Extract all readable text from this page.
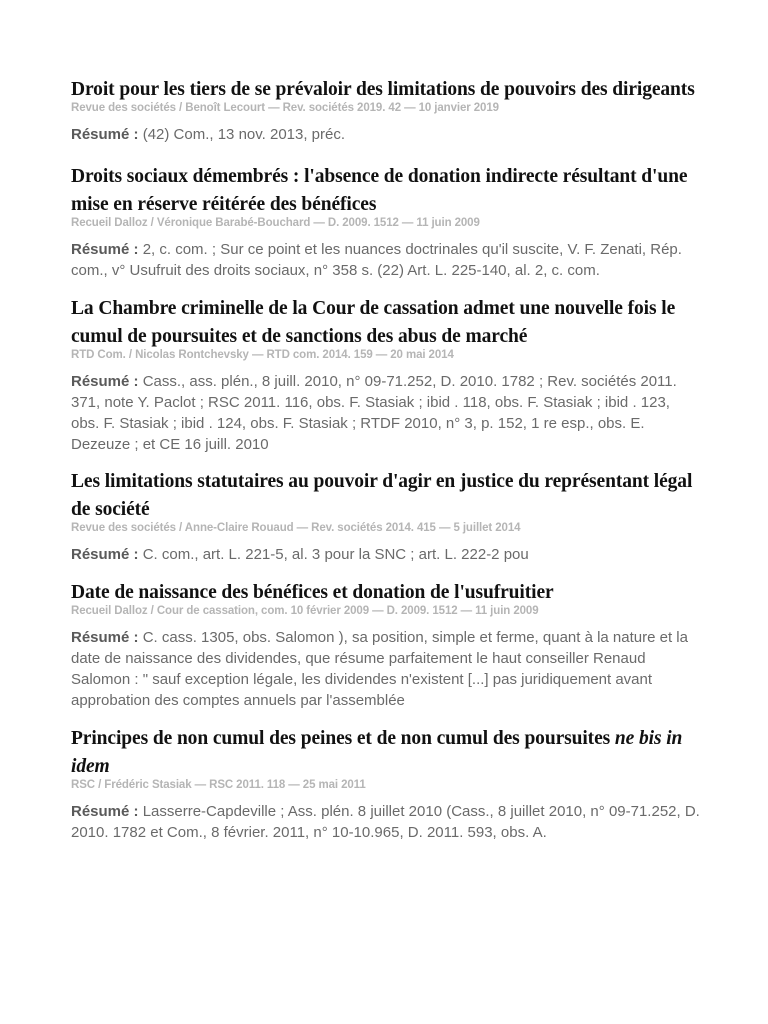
Droit pour les tiers de se prévaloir des limitations de pouvoirs des dirigeants
Revue des sociétés / Benoît Lecourt — Rev. sociétés 2019. 42 — 10 janvier 2019

Résumé : (42) Com., 13 nov. 2013, préc.

Droits sociaux démembrés : l'absence de donation indirecte résultant d'une mise en réserve réitérée des bénéfices
Recueil Dalloz / Véronique Barabé-Bouchard — D. 2009. 1512 — 11 juin 2009

Résumé : 2, c. com. ; Sur ce point et les nuances doctrinales qu'il suscite, V. F. Zenati, Rép. com., v° Usufruit des droits sociaux, n° 358 s. (22) Art. L. 225-140, al. 2, c. com.

La Chambre criminelle de la Cour de cassation admet une nouvelle fois le cumul de poursuites et de sanctions des abus de marché
RTD Com. / Nicolas Rontchevsky — RTD com. 2014. 159 — 20 mai 2014

Résumé : Cass., ass. plén., 8 juill. 2010, n° 09-71.252, D. 2010. 1782 ; Rev. sociétés 2011. 371, note Y. Paclot ; RSC 2011. 116, obs. F. Stasiak ; ibid . 118, obs. F. Stasiak ; ibid . 123, obs. F. Stasiak ; ibid . 124, obs. F. Stasiak ; RTDF 2010, n° 3, p. 152, 1 re esp., obs. E. Dezeuze ; et CE 16 juill. 2010

Les limitations statutaires au pouvoir d'agir en justice du représentant légal de société
Revue des sociétés / Anne-Claire Rouaud — Rev. sociétés 2014. 415 — 5 juillet 2014

Résumé : C. com., art. L. 221-5, al. 3 pour la SNC ; art. L. 222-2 pou

Date de naissance des bénéfices et donation de l'usufruitier
Recueil Dalloz / Cour de cassation, com. 10 février 2009 — D. 2009. 1512 — 11 juin 2009

Résumé : C. cass. 1305, obs. Salomon ), sa position, simple et ferme, quant à la nature et la date de naissance des dividendes, que résume parfaitement le haut conseiller Renaud Salomon : " sauf exception légale, les dividendes n'existent [...] pas juridiquement avant approbation des comptes annuels par l'assemblée

Principes de non cumul des peines et de non cumul des poursuites ne bis in idem
RSC / Frédéric Stasiak — RSC 2011. 118 — 25 mai 2011

Résumé : Lasserre-Capdeville ; Ass. plén. 8 juillet 2010 (Cass., 8 juillet 2010, n° 09-71.252, D. 2010. 1782 et Com., 8 février. 2011, n° 10-10.965, D. 2011. 593, obs. A.
